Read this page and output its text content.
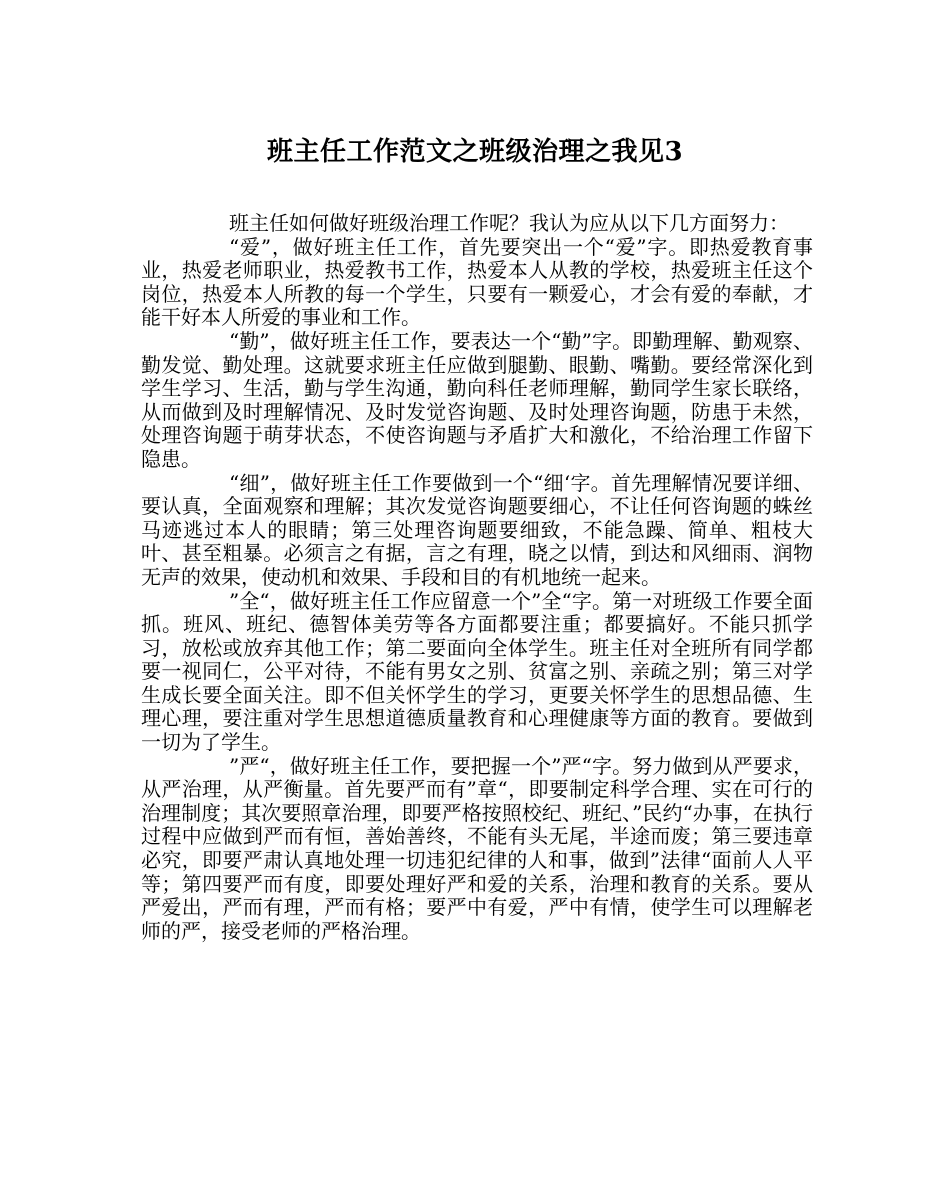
班主任工作范文之班级治理之我见3

班主任如何做好班级治理工作呢？我认为应从以下几方面努力：

“爱”，做好班主任工作，首先要突出一个“爱”字。即热爱教育事业，热爱老师职业，热爱教书工作，热爱本人从教的学校，热爱班主任这个岗位，热爱本人所教的每一个学生，只要有一颗爱心，才会有爱的奉献，才能干好本人所爱的事业和工作。

“勤”，做好班主任工作，要表达一个“勤”字。即勤理解、勤观察、勤发觉、勤处理。这就要求班主任应做到腿勤、眼勤、嘴勤。要经常深化到学生学习、生活，勤与学生沟通，勤向科任老师理解，勤同学生家长联络，从而做到及时理解情况、及时发觉咨询题、及时处理咨询题，防患于未然，处理咨询题于萌芽状态，不使咨询题与矛盾扩大和激化，不给治理工作留下隐患。

“细”，做好班主任工作要做到一个“细‘字。首先理解情况要详细、要认真，全面观察和理解；其次发觉咨询题要细心，不让任何咨询题的蛛丝马迹逃过本人的眼睛；第三处理咨询题要细致，不能急躁、简单、粗枝大叶、甚至粗暴。必须言之有据，言之有理，晓之以情，到达和风细雨、润物无声的效果，使动机和效果、手段和目的有机地统一起来。

”全“，做好班主任工作应留意一个”全“字。第一对班级工作要全面抓。班风、班纪、德智体美劳等各方面都要注重；都要搞好。不能只抓学习，放松或放弃其他工作；第二要面向全体学生。班主任对全班所有同学都要一视同仁，公平对待，不能有男女之别、贫富之别、亲疏之别；第三对学生成长要全面关注。即不但关怀学生的学习，更要关怀学生的思想品德、生理心理，要注重对学生思想道德质量教育和心理健康等方面的教育。要做到一切为了学生。

”严“，做好班主任工作，要把握一个”严“字。努力做到从严要求，从严治理，从严衡量。首先要严而有”章“，即要制定科学合理、实在可行的治理制度；其次要照章治理，即要严格按照校纪、班纪、”民约“办事，在执行过程中应做到严而有恒，善始善终，不能有头无尾，半途而废；第三要违章必究，即要严肃认真地处理一切违犯纪律的人和事，做到”法律“面前人人平等；第四要严而有度，即要处理好严和爱的关系，治理和教育的关系。要从严爱出，严而有理，严而有格；要严中有爱，严中有情，使学生可以理解老师的严，接受老师的严格治理。
